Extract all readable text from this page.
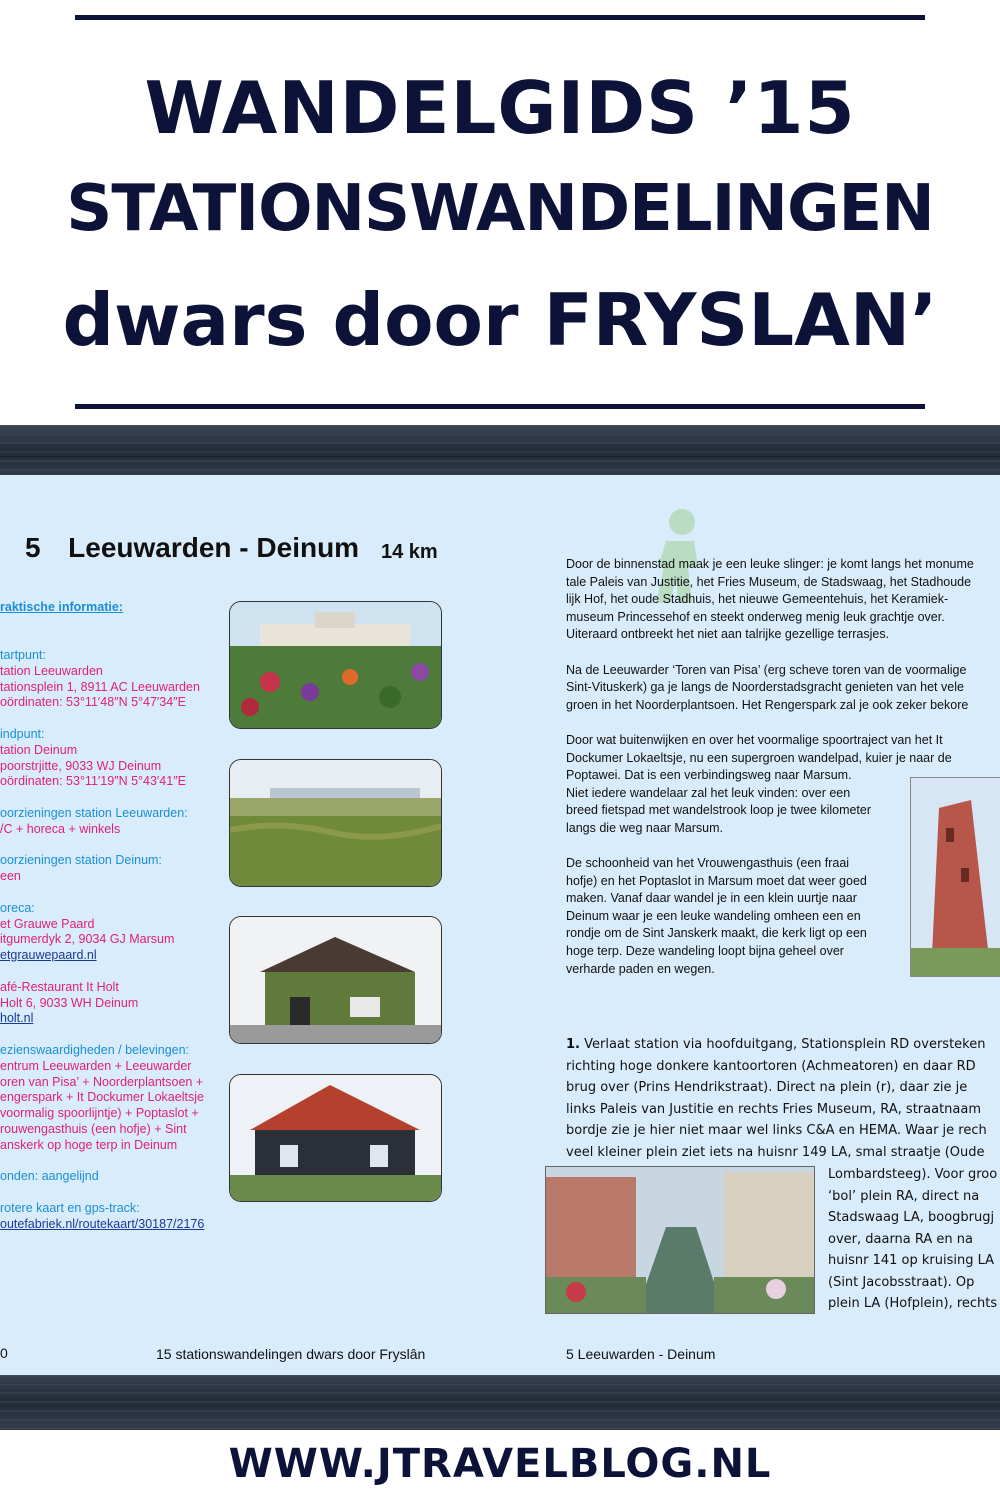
WANDELGIDS ’15
STATIONSWANDELINGEN
dwars door FRYSLAN’
5 Leeuwarden - Deinum 14 km
raktische informatie:
tartpunt:
tation Leeuwarden
tationsplein 1, 8911 AC Leeuwarden
oördinaten: 53°11′48″N 5°47′34″E

indpunt:
tation Deinum
poorstrjitte, 9033 WJ Deinum
oördinaten: 53°11′19″N 5°43′41″E

oorzieningen station Leeuwarden:
/C + horeca + winkels

oorzieningen station Deinum:
een

oreca:
et Grauwe Paard
itgumerdyk 2, 9034 GJ Marsum
etgrauwepaard.nl

afé-Restaurant It Holt
Holt 6, 9033 WH Deinum
holt.nl

ezienswaardigheden / belevingen:
entrum Leeuwarden + Leeuwarder
oren van Pisa’ + Noorderplantsoen +
engerspark + It Dockumer Lokaeltsje
voormalig spoorlijntje) + Poptaslot +
rouwengasthuis (een hofje) + Sint
anskerk op hoge terp in Deinum

onden: aangelijnd

rotere kaart en gps-track:
outefabriek.nl/routekaart/30187/2176
0	15 stationswandelingen dwars door Fryslân

Door de binnenstad maak je een leuke slinger: je komt langs het monume
tale Paleis van Justitie, het Fries Museum, de Stadswaag, het Stadhoude
lijk Hof, het oude Stadhuis, het nieuwe Gemeentehuis, het Keramiek-
museum Princessehof en steekt onderweg menig leuk grachtje over.
Uiteraard ontbreekt het niet aan talrijke gezellige terrasjes.

Na de Leeuwarder ‘Toren van Pisa’ (erg scheve toren van de voormalige
Sint-Vituskerk) ga je langs de Noorderstadsgracht genieten van het vele
groen in het Noorderplantsoen. Het Rengerspark zal je ook zeker bekore

Door wat buitenwijken en over het voormalige spoortraject van het It
Dockumer Lokaeltsje, nu een supergroen wandelpad, kuier je naar de
Poptawei. Dat is een verbindingsweg naar Marsum.
Niet iedere wandelaar zal het leuk vinden: over een
breed fietspad met wandelstrook loop je twee kilometer
langs die weg naar Marsum.

De schoonheid van het Vrouwengasthuis (een fraai
hofje) en het Poptaslot in Marsum moet dat weer goed
maken. Vanaf daar wandel je in een klein uurtje naar
Deinum waar je een leuke wandeling omheen een en
rondje om de Sint Janskerk maakt, die kerk ligt op een
hoge terp. Deze wandeling loopt bijna geheel over
verharde paden en wegen.

1. Verlaat station via hoofduitgang, Stationsplein RD oversteken

richting hoge donkere kantoortoren (Achmeatoren) en daar RD

brug over (Prins Hendrikstraat). Direct na plein (r), daar zie je

links Paleis van Justitie en rechts Fries Museum, RA, straatnaam

bordje zie je hier niet maar wel links C&A en HEMA. Waar je rech

veel kleiner plein ziet iets na huisnr 149 LA, smal straatje (Oude

Lombardsteeg). Voor groo

‘bol’ plein RA, direct na

Stadswaag LA, boogbrugj

over, daarna RA en na

huisnr 141 op kruising LA

(Sint Jacobsstraat). Op

plein LA (Hofplein), rechts

5 Leeuwarden - Deinum
WWW.JTRAVELBLOG.NL
